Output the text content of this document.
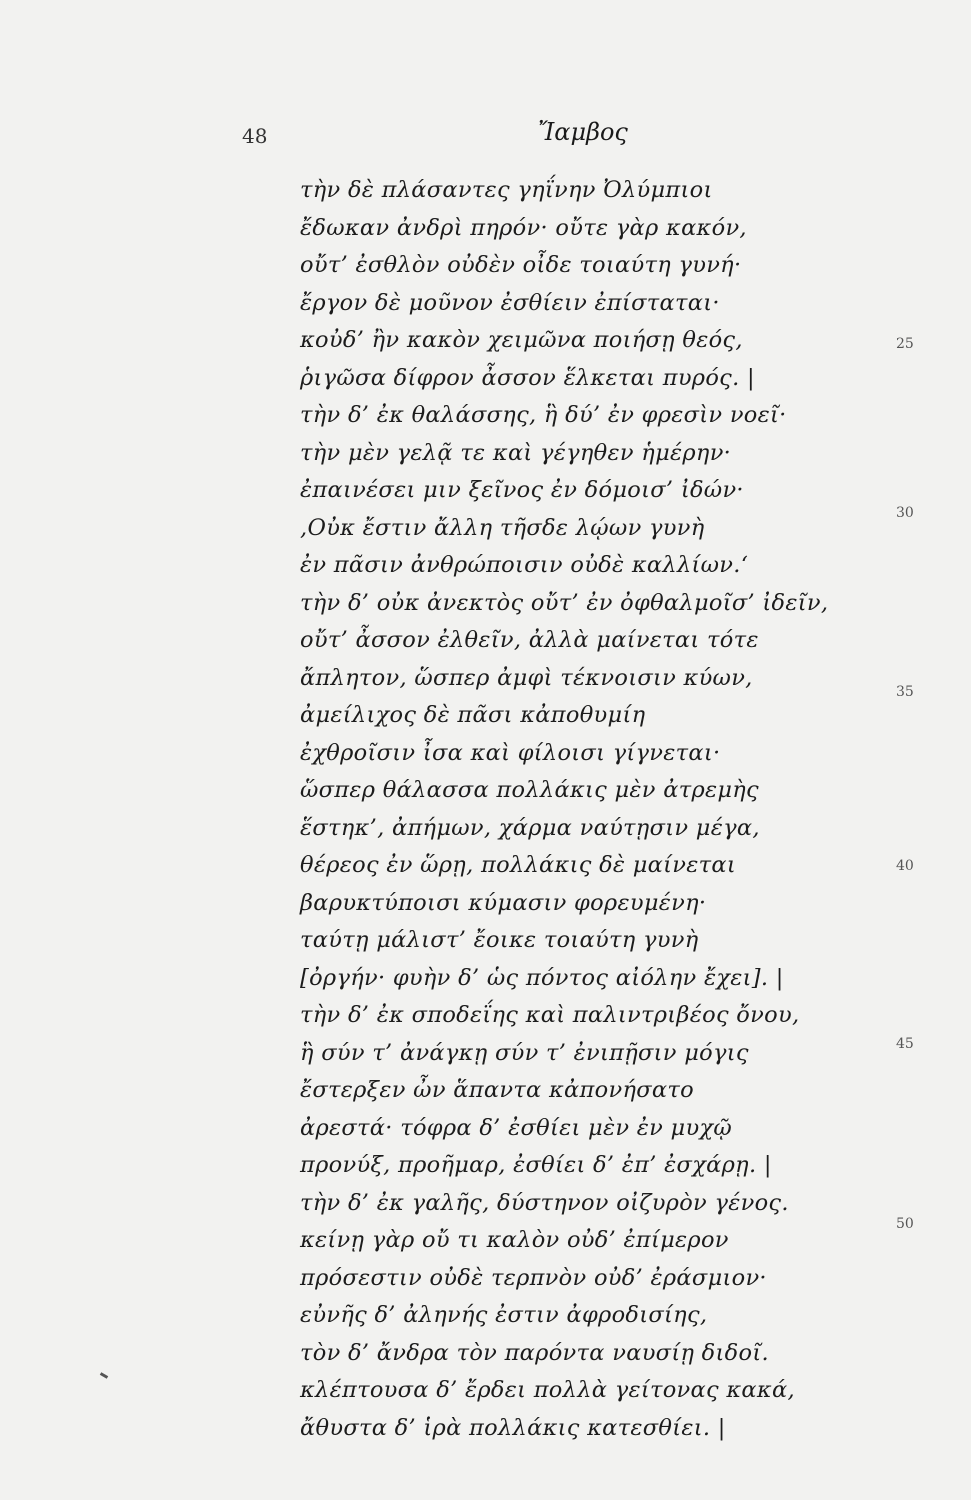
48	Ἴαμβος
τὴν δὲ πλάσαντες γηΐνην Ὀλύμπιοι
ἔδωκαν ἀνδρὶ πηρόν· οὔτε γὰρ κακόν,
οὔτ’ ἐσθλὸν οὐδὲν οἶδε τοιαύτη γυνή·
ἔργον δὲ μοῦνον ἐσθίειν ἐπίσταται·
κοὐδ’ ἢν κακὸν χειμῶνα ποιήσῃ θεός,
ῥιγῶσα δίφρον ἆσσον ἕλκεται πυρός. |
τὴν δ’ ἐκ θαλάσσης, ἣ δύ’ ἐν φρεσὶν νοεῖ·
τὴν μὲν γελᾷ τε καὶ γέγηθεν ἡμέρην·
ἐπαινέσει μιν ξεῖνος ἐν δόμοισ’ ἰδών·
,Οὐκ ἔστιν ἄλλη τῆσδε λῴων γυνὴ
ἐν πᾶσιν ἀνθρώποισιν οὐδὲ καλλίων.‘
τὴν δ’ οὐκ ἀνεκτὸς οὔτ’ ἐν ὀφθαλμοῖσ’ ἰδεῖν,
οὔτ’ ἆσσον ἐλθεῖν, ἀλλὰ μαίνεται τότε
ἄπλητον, ὥσπερ ἀμφὶ τέκνοισιν κύων,
ἀμείλιχος δὲ πᾶσι κἀποθυμίη
ἐχθροῖσιν ἶσα καὶ φίλοισι γίγνεται·
ὥσπερ θάλασσα πολλάκις μὲν ἀτρεμὴς
ἕστηκ’, ἀπήμων, χάρμα ναύτῃσιν μέγα,
θέρεος ἐν ὥρῃ, πολλάκις δὲ μαίνεται
βαρυκτύποισι κύμασιν φορευμένη·
ταύτῃ μάλιστ’ ἔοικε τοιαύτη γυνὴ
[ὀργήν· φυὴν δ’ ὡς πόντος αἰόλην ἔχει]. |
τὴν δ’ ἐκ σποδεΐης καὶ παλιντριβέος ὄνου,
ἣ σύν τ’ ἀνάγκῃ σύν τ’ ἐνιπῇσιν μόγις
ἔστερξεν ὦν ἅπαντα κἀπονήσατο
ἀρεστά· τόφρα δ’ ἐσθίει μὲν ἐν μυχῷ
προνύξ, προῆμαρ, ἐσθίει δ’ ἐπ’ ἐσχάρῃ. |
τὴν δ’ ἐκ γαλῆς, δύστηνον οἰζυρὸν γένος.
κείνῃ γὰρ οὔ τι καλὸν οὐδ’ ἐπίμερον
πρόσεστιν οὐδὲ τερπνὸν οὐδ’ ἐράσμιον·
εὐνῆς δ’ ἀληνής ἐστιν ἀφροδισίης,
τὸν δ’ ἄνδρα τὸν παρόντα ναυσίῃ διδοῖ.
κλέπτουσα δ’ ἔρδει πολλὰ γείτονας κακά,
ἄθυστα δ’ ἱρὰ πολλάκις κατεσθίει. |
25
30
35
40
45
50
